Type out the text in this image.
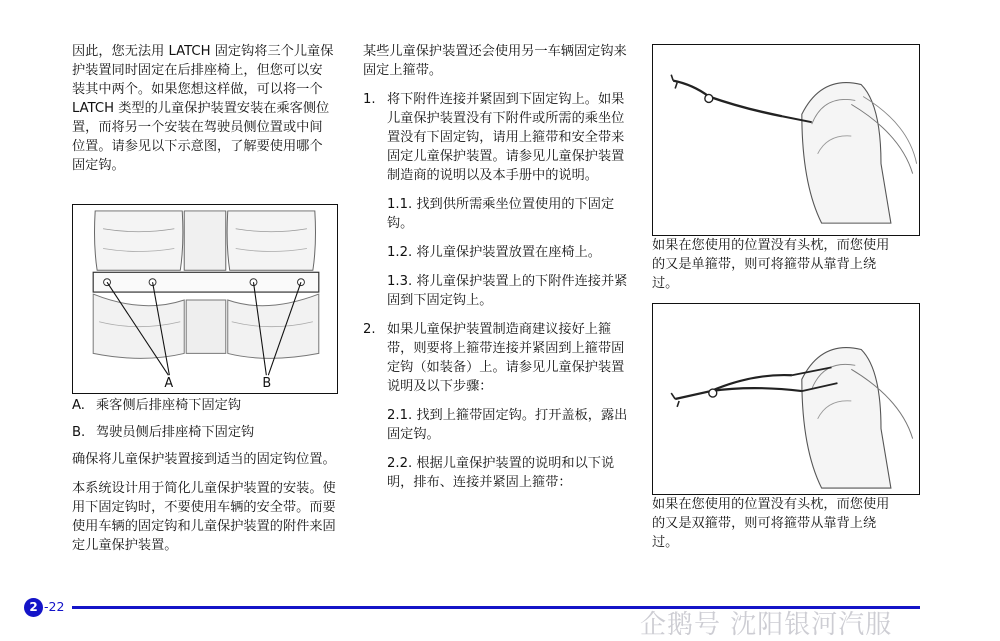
因此，您无法用 LATCH 固定钩将三个儿童保护装置同时固定在后排座椅上，但您可以安装其中两个。如果您想这样做，可以将一个 LATCH 类型的儿童保护装置安装在乘客侧位置，而将另一个安装在驾驶员侧位置或中间位置。请参见以下示意图，了解要使用哪个固定钩。

A	B
A. 乘客侧后排座椅下固定钩
B. 驾驶员侧后排座椅下固定钩

确保将儿童保护装置接到适当的固定钩位置。

本系统设计用于简化儿童保护装置的安装。使用下固定钩时，不要使用车辆的安全带。而要使用车辆的固定钩和儿童保护装置的附件来固定儿童保护装置。

某些儿童保护装置还会使用另一车辆固定钩来固定上箍带。

1. 将下附件连接并紧固到下固定钩上。如果儿童保护装置没有下附件或所需的乘坐位置没有下固定钩，请用上箍带和安全带来固定儿童保护装置。请参见儿童保护装置制造商的说明以及本手册中的说明。

1.1. 找到供所需乘坐位置使用的下固定钩。

1.2. 将儿童保护装置放置在座椅上。

1.3. 将儿童保护装置上的下附件连接并紧固到下固定钩上。

2. 如果儿童保护装置制造商建议接好上箍带，则要将上箍带连接并紧固到上箍带固定钩（如装备）上。请参见儿童保护装置说明及以下步骤：

2.1. 找到上箍带固定钩。打开盖板，露出固定钩。

2.2. 根据儿童保护装置的说明和以下说明，排布、连接并紧固上箍带：

如果在您使用的位置没有头枕，而您使用的又是单箍带，则可将箍带从靠背上绕过。

如果在您使用的位置没有头枕，而您使用的又是双箍带，则可将箍带从靠背上绕过。

2 -22
企鹅号 沈阳银河汽服
